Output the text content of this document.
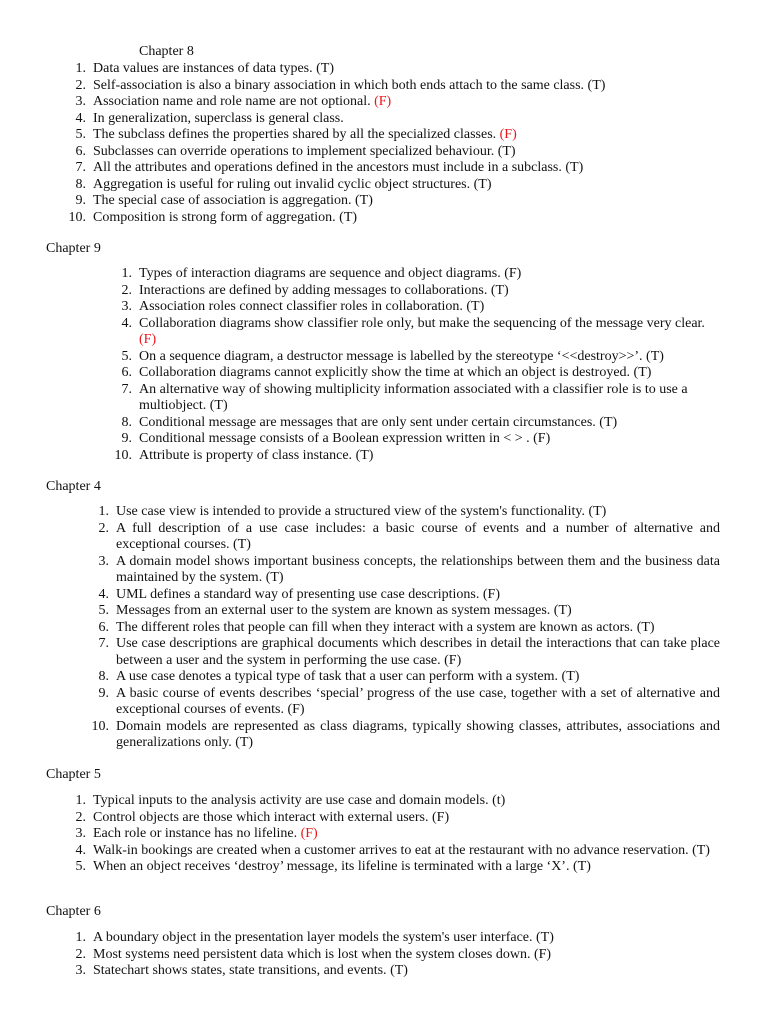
Chapter 8
1. Data values are instances of data types. (T)
2. Self-association is also a binary association in which both ends attach to the same class. (T)
3. Association name and role name are not optional. (F)
4. In generalization, superclass is general class.
5. The subclass defines the properties shared by all the specialized classes. (F)
6. Subclasses can override operations to implement specialized behaviour. (T)
7. All the attributes and operations defined in the ancestors must include in a subclass. (T)
8. Aggregation is useful for ruling out invalid cyclic object structures. (T)
9. The special case of association is aggregation. (T)
10. Composition is strong form of aggregation. (T)
Chapter 9
1. Types of interaction diagrams are sequence and object diagrams. (F)
2. Interactions are defined by adding messages to collaborations. (T)
3. Association roles connect classifier roles in collaboration. (T)
4. Collaboration diagrams show classifier role only, but make the sequencing of the message very clear. (F)
5. On a sequence diagram, a destructor message is labelled by the stereotype ‘<<destroy>>’. (T)
6. Collaboration diagrams cannot explicitly show the time at which an object is destroyed. (T)
7. An alternative way of showing multiplicity information associated with a classifier role is to use a multiobject. (T)
8. Conditional message are messages that are only sent under certain circumstances. (T)
9. Conditional message consists of a Boolean expression written in < > . (F)
10. Attribute is property of class instance. (T)
Chapter 4
1. Use case view is intended to provide a structured view of the system's functionality. (T)
2. A full description of a use case includes: a basic course of events and a number of alternative and exceptional courses. (T)
3. A domain model shows important business concepts, the relationships between them and the business data maintained by the system. (T)
4. UML defines a standard way of presenting use case descriptions. (F)
5. Messages from an external user to the system are known as system messages. (T)
6. The different roles that people can fill when they interact with a system are known as actors. (T)
7. Use case descriptions are graphical documents which describes in detail the interactions that can take place between a user and the system in performing the use case. (F)
8. A use case denotes a typical type of task that a user can perform with a system. (T)
9. A basic course of events describes ‘special’ progress of the use case, together with a set of alternative and exceptional courses of events. (F)
10. Domain models are represented as class diagrams, typically showing classes, attributes, associations and generalizations only. (T)
Chapter 5
1. Typical inputs to the analysis activity are use case and domain models. (t)
2. Control objects are those which interact with external users. (F)
3. Each role or instance has no lifeline. (F)
4. Walk-in bookings are created when a customer arrives to eat at the restaurant with no advance reservation. (T)
5. When an object receives ‘destroy’ message, its lifeline is terminated with a large ‘X’. (T)
Chapter 6
1. A boundary object in the presentation layer models the system's user interface. (T)
2. Most systems need persistent data which is lost when the system closes down. (F)
3. Statechart shows states, state transitions, and events. (T)
